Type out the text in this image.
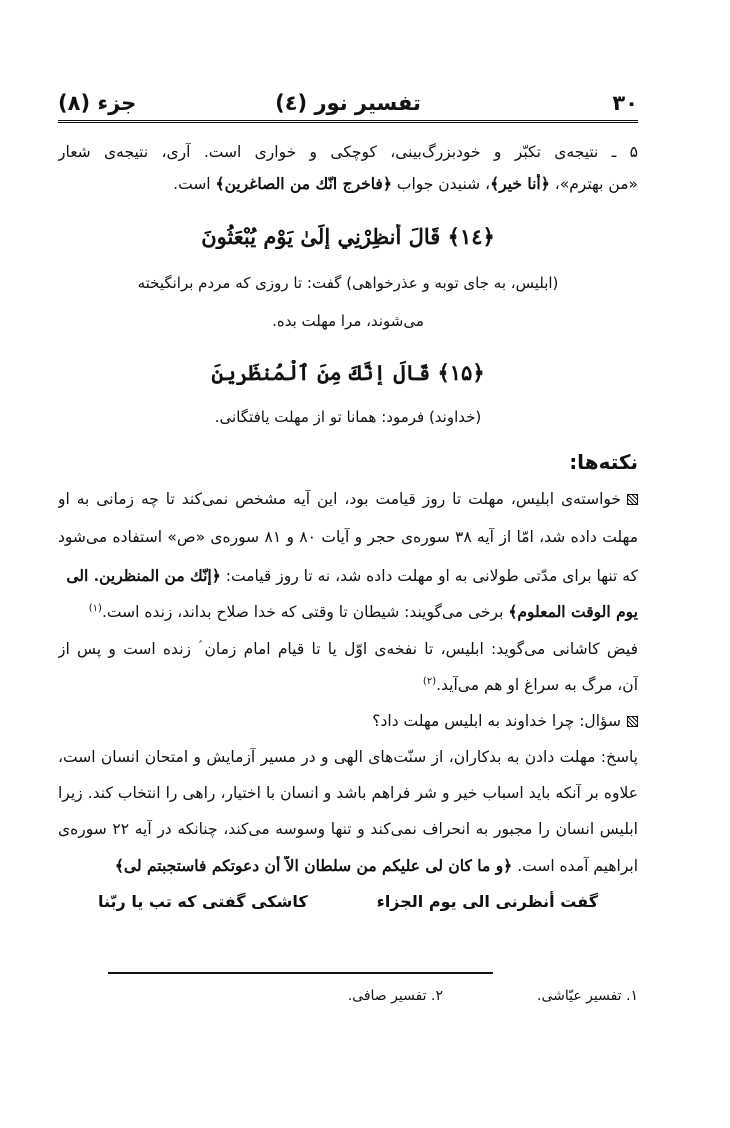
۳۰
تفسیر نور (٤)
جزء (۸)
۵ ـ نتیجه‌ی تکبّر و خودبزرگ‌بینی، کوچکی و خواری است. آری، نتیجه‌ی شعار
«من بهترم»، ﴿أنا خیر﴾، شنیدن جواب ﴿فاخرج انّك من الصاغرین﴾ است.
﴿۱٤﴾ قَالَ أَنظِرْنِي إِلَىٰ يَوْمِ يُبْعَثُونَ
(ابلیس، به جای توبه و عذرخواهی) گفت: تا روزی که مردم برانگیخته
می‌شوند، مرا مهلت بده.
﴿۱۵﴾ قَالَ إِنَّكَ مِنَ ٱلْمُنظَرِينَ
(خداوند) فرمود: همانا تو از مهلت یافتگانی.
نکته‌ها:
خواسته‌ی ابلیس، مهلت تا روز قیامت بود، این آیه مشخص نمی‌کند تا چه زمانی به او
مهلت داده شد، امّا از آیه ۳۸ سوره‌ی حجر و آیات ۸۰ و ۸۱ سوره‌ی «ص» استفاده می‌شود
که تنها برای مدّتی طولانی به او مهلت داده شد، نه تا روز قیامت: ﴿إنّك من المنظرین. الی
یوم الوقت المعلوم﴾ برخی می‌گویند: شیطان تا وقتی که خدا صلاح بداند، زنده است.$^{(۱)}$
فیض کاشانی می‌گوید: ابلیس، تا نفخه‌ی اوّل یا تا قیام امام زمان ؑ زنده است و پس از
آن، مرگ به سراغ او هم می‌آید.$^{(۲)}$
سؤال: چرا خداوند به ابلیس مهلت داد؟
پاسخ: مهلت دادن به بدکاران، از سنّت‌های الهی و در مسیر آزمایش و امتحان انسان است،
علاوه بر آنکه باید اسباب خیر و شر فراهم باشد و انسان با اختیار، راهی را انتخاب کند. زیرا
ابلیس انسان را مجبور به انحراف نمی‌کند و تنها وسوسه می‌کند، چنانکه در آیه ۲۲ سوره‌ی
ابراهیم آمده است. ﴿و ما کان لی علیکم من سلطان الاّ أن دعوتکم فاستجبتم لی﴾
گفت أنظرنی الی یوم الجزاء
کاشکی گفتی که تب یا ربّنا
۱. تفسیر عیّاشی.
۲. تفسیر صافی.
